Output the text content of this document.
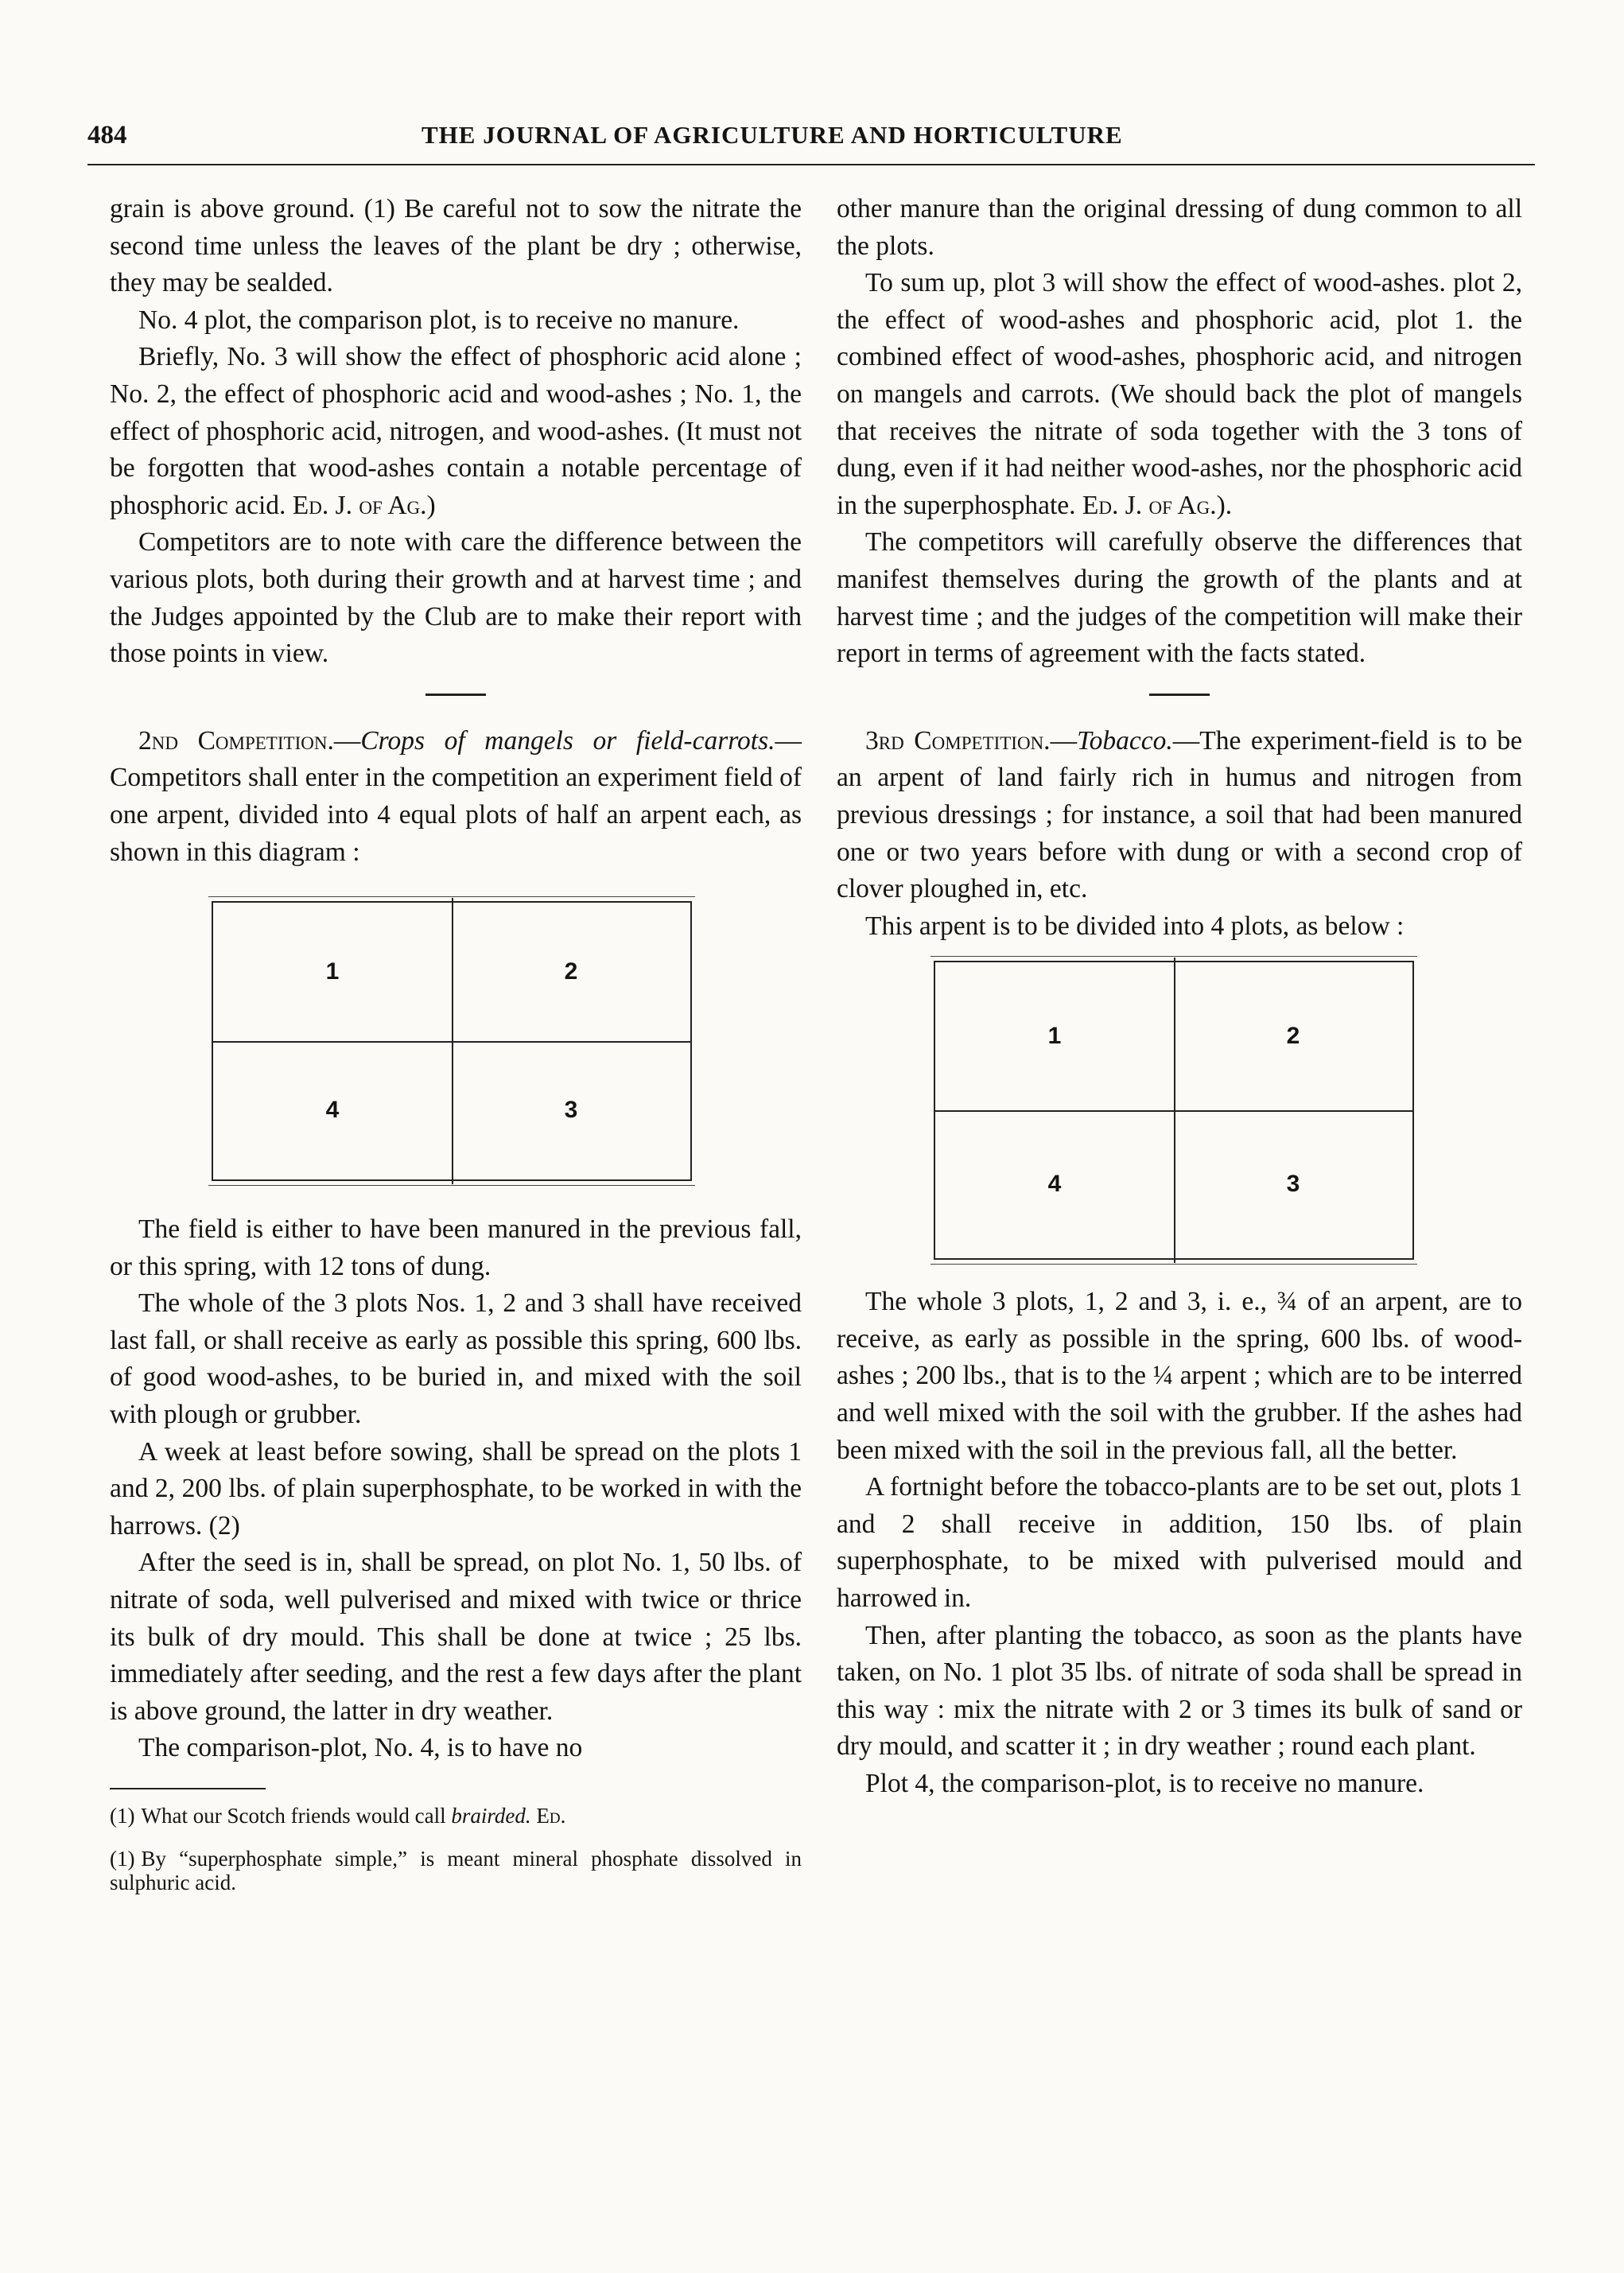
484	THE JOURNAL OF AGRICULTURE AND HORTICULTURE

grain is above ground. (1) Be careful not to sow the nitrate the second time unless the leaves of the plant be dry ; otherwise, they may be sealded.

No. 4 plot, the comparison plot, is to receive no manure.

Briefly, No. 3 will show the effect of phosphoric acid alone ; No. 2, the effect of phosphoric acid and wood-ashes ; No. 1, the effect of phosphoric acid, nitrogen, and wood-ashes. (It must not be forgotten that wood-ashes contain a notable percentage of phosphoric acid. Ed. J. of Ag.)

Competitors are to note with care the difference between the various plots, both during their growth and at harvest time ; and the Judges appointed by the Club are to make their report with those points in view.

2nd Competition.—Crops of mangels or field-carrots.—Competitors shall enter in the competition an experiment field of one arpent, divided into 4 equal plots of half an arpent each, as shown in this diagram :

1	2
4	3

The field is either to have been manured in the previous fall, or this spring, with 12 tons of dung.

The whole of the 3 plots Nos. 1, 2 and 3 shall have received last fall, or shall receive as early as possible this spring, 600 lbs. of good wood-ashes, to be buried in, and mixed with the soil with plough or grubber.

A week at least before sowing, shall be spread on the plots 1 and 2, 200 lbs. of plain superphosphate, to be worked in with the harrows. (2)

After the seed is in, shall be spread, on plot No. 1, 50 lbs. of nitrate of soda, well pulverised and mixed with twice or thrice its bulk of dry mould. This shall be done at twice ; 25 lbs. immediately after seeding, and the rest a few days after the plant is above ground, the latter in dry weather.

The comparison-plot, No. 4, is to have no

(1) What our Scotch friends would call brairded. Ed.

(1) By “superphosphate simple,” is meant mineral phosphate dissolved in sulphuric acid.

other manure than the original dressing of dung common to all the plots.

To sum up, plot 3 will show the effect of wood-ashes. plot 2, the effect of wood-ashes and phosphoric acid, plot 1. the combined effect of wood-ashes, phosphoric acid, and nitrogen on mangels and carrots. (We should back the plot of mangels that receives the nitrate of soda together with the 3 tons of dung, even if it had neither wood-ashes, nor the phosphoric acid in the superphosphate. Ed. J. of Ag.).

The competitors will carefully observe the differences that manifest themselves during the growth of the plants and at harvest time ; and the judges of the competition will make their report in terms of agreement with the facts stated.

3rd Competition.—Tobacco.—The experiment-field is to be an arpent of land fairly rich in humus and nitrogen from previous dressings ; for instance, a soil that had been manured one or two years before with dung or with a second crop of clover ploughed in, etc.

This arpent is to be divided into 4 plots, as below :

1	2
4	3

The whole 3 plots, 1, 2 and 3, i. e., ¾ of an arpent, are to receive, as early as possible in the spring, 600 lbs. of wood-ashes ; 200 lbs., that is to the ¼ arpent ; which are to be interred and well mixed with the soil with the grubber. If the ashes had been mixed with the soil in the previous fall, all the better.

A fortnight before the tobacco-plants are to be set out, plots 1 and 2 shall receive in addition, 150 lbs. of plain superphosphate, to be mixed with pulverised mould and harrowed in.

Then, after planting the tobacco, as soon as the plants have taken, on No. 1 plot 35 lbs. of nitrate of soda shall be spread in this way : mix the nitrate with 2 or 3 times its bulk of sand or dry mould, and scatter it ; in dry weather ; round each plant.

Plot 4, the comparison-plot, is to receive no manure.
